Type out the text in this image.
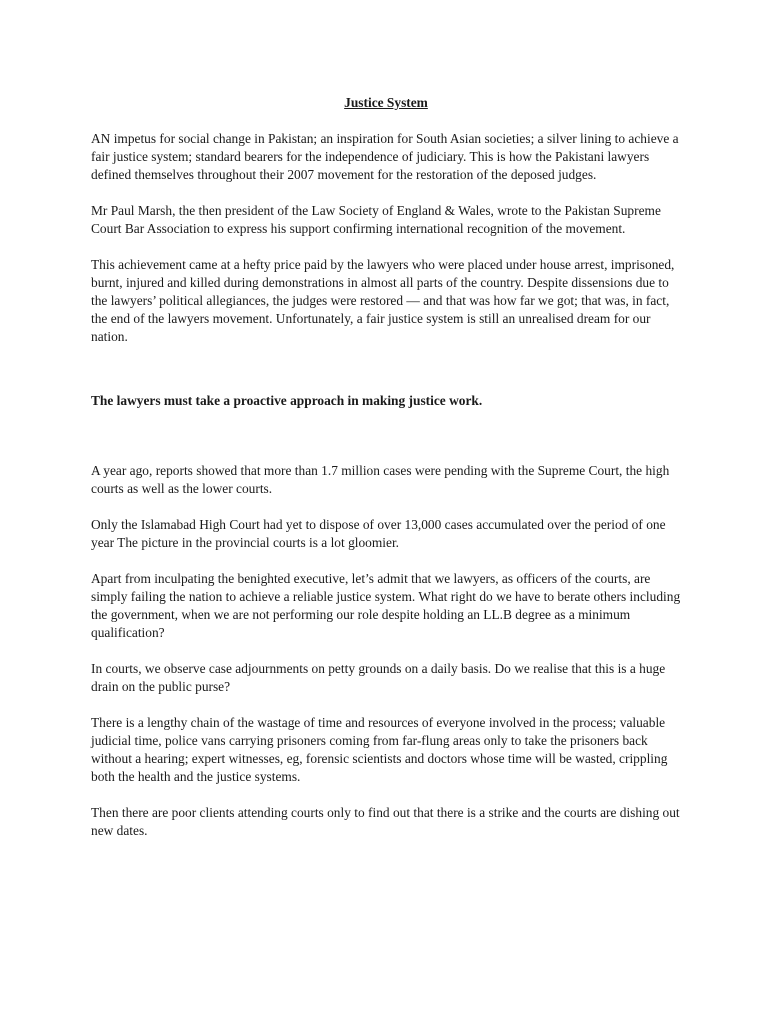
Justice System

AN impetus for social change in Pakistan; an inspiration for South Asian societies; a silver lining to achieve a fair justice system; standard bearers for the independence of judiciary. This is how the Pakistani lawyers defined themselves throughout their 2007 movement for the restoration of the deposed judges.

Mr Paul Marsh, the then president of the Law Society of England & Wales, wrote to the Pakistan Supreme Court Bar Association to express his support confirming international recognition of the movement.

This achievement came at a hefty price paid by the lawyers who were placed under house arrest, imprisoned, burnt, injured and killed during demonstrations in almost all parts of the country. Despite dissensions due to the lawyers’ political allegiances, the judges were restored — and that was how far we got; that was, in fact, the end of the lawyers movement. Unfortunately, a fair justice system is still an unrealised dream for our nation.

The lawyers must take a proactive approach in making justice work.

A year ago, reports showed that more than 1.7 million cases were pending with the Supreme Court, the high courts as well as the lower courts.

Only the Islamabad High Court had yet to dispose of over 13,000 cases accumulated over the period of one year The picture in the provincial courts is a lot gloomier.

Apart from inculpating the benighted executive, let’s admit that we lawyers, as officers of the courts, are simply failing the nation to achieve a reliable justice system. What right do we have to berate others including the government, when we are not performing our role despite holding an LL.B degree as a minimum qualification?

In courts, we observe case adjournments on petty grounds on a daily basis. Do we realise that this is a huge drain on the public purse?

There is a lengthy chain of the wastage of time and resources of everyone involved in the process; valuable judicial time, police vans carrying prisoners coming from far-flung areas only to take the prisoners back without a hearing; expert witnesses, eg, forensic scientists and doctors whose time will be wasted, crippling both the health and the justice systems.

Then there are poor clients attending courts only to find out that there is a strike and the courts are dishing out new dates.
